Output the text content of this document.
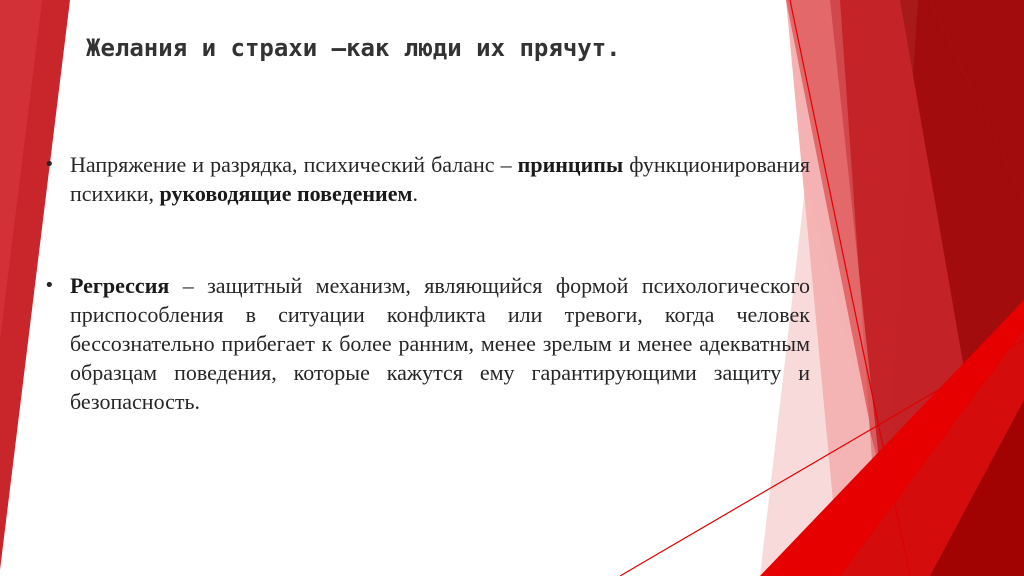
Желания и страхи –как люди их прячут.
• Напряжение и разрядка, психический баланс – принципы функционирования психики, руководящие поведением.
• Регрессия – защитный механизм, являющийся формой психологического приспособления в ситуации конфликта или тревоги, когда человек бессознательно прибегает к более ранним, менее зрелым и менее адекватным образцам поведения, которые кажутся ему гарантирующими защиту и безопасность.
